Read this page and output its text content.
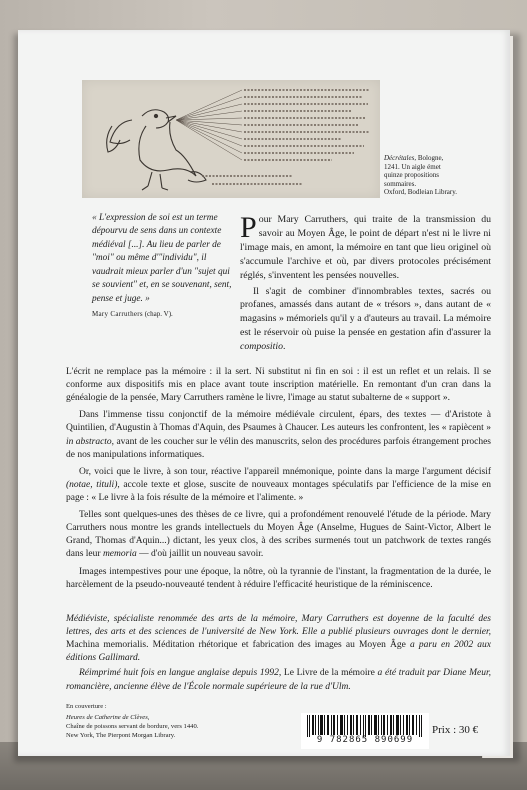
Décrétales, Bologne,
1241. Un aigle émet
quinze propositions
sommaires.
Oxford, Bodleian Library.
« L'expression de soi est un terme dépourvu de sens dans un contexte médiéval [...]. Au lieu de parler de "moi" ou même d'"individu", il vaudrait mieux parler d'un "sujet qui se souvient" et, en se souvenant, sent, pense et juge. »
Mary Carruthers (chap. V).

Pour Mary Carruthers, qui traite de la transmission du savoir au Moyen Âge, le point de départ n'est ni le livre ni l'image mais, en amont, la mémoire en tant que lieu originel où s'accumule l'archive et où, par divers protocoles précisément réglés, s'inventent les pensées nouvelles.

Il s'agit de combiner d'innombrables textes, sacrés ou profanes, amassés dans autant de « trésors », dans autant de « magasins » mémoriels qu'il y a d'auteurs au travail. La mémoire est le réservoir où puise la pensée en gestation afin d'assurer la compositio.

L'écrit ne remplace pas la mémoire : il la sert. Ni substitut ni fin en soi : il est un reflet et un relais. Il se conforme aux dispositifs mis en place avant toute inscription matérielle. En remontant d'un cran dans la généalogie de la pensée, Mary Carruthers ramène le livre, l'image au statut subalterne de « support ».

Dans l'immense tissu conjonctif de la mémoire médiévale circulent, épars, des textes — d'Aristote à Quintilien, d'Augustin à Thomas d'Aquin, des Psaumes à Chaucer. Les auteurs les confrontent, les « rapiècent » in abstracto, avant de les coucher sur le vélin des manuscrits, selon des procédures parfois étrangement proches de nos manipulations informatiques.

Or, voici que le livre, à son tour, réactive l'appareil mnémonique, pointe dans la marge l'argument décisif (notae, tituli), accole texte et glose, suscite de nouveaux montages spéculatifs par l'efficience de la mise en page : « Le livre à la fois résulte de la mémoire et l'alimente. »

Telles sont quelques-unes des thèses de ce livre, qui a profondément renouvelé l'étude de la période. Mary Carruthers nous montre les grands intellectuels du Moyen Âge (Anselme, Hugues de Saint-Victor, Albert le Grand, Thomas d'Aquin...) dictant, les yeux clos, à des scribes surmenés tout un patchwork de textes rangés dans leur memoria — d'où jaillit un nouveau savoir.

Images intempestives pour une époque, la nôtre, où la tyrannie de l'instant, la fragmentation de la durée, le harcèlement de la pseudo-nouveauté tendent à réduire l'efficacité heuristique de la réminiscence.

Médiéviste, spécialiste renommée des arts de la mémoire, Mary Carruthers est doyenne de la faculté des lettres, des arts et des sciences de l'université de New York. Elle a publié plusieurs ouvrages dont le dernier, Machina memorialis. Méditation rhétorique et fabrication des images au Moyen Âge a paru en 2002 aux éditions Gallimard.

Réimprimé huit fois en langue anglaise depuis 1992, Le Livre de la mémoire a été traduit par Diane Meur, romancière, ancienne élève de l'École normale supérieure de la rue d'Ulm.

En couverture :
Heures de Catherine de Clèves,
Chaîne de poissons servant de bordure, vers 1440.
New York, The Pierpont Morgan Library.	9 782865 890699
Prix : 30 €
